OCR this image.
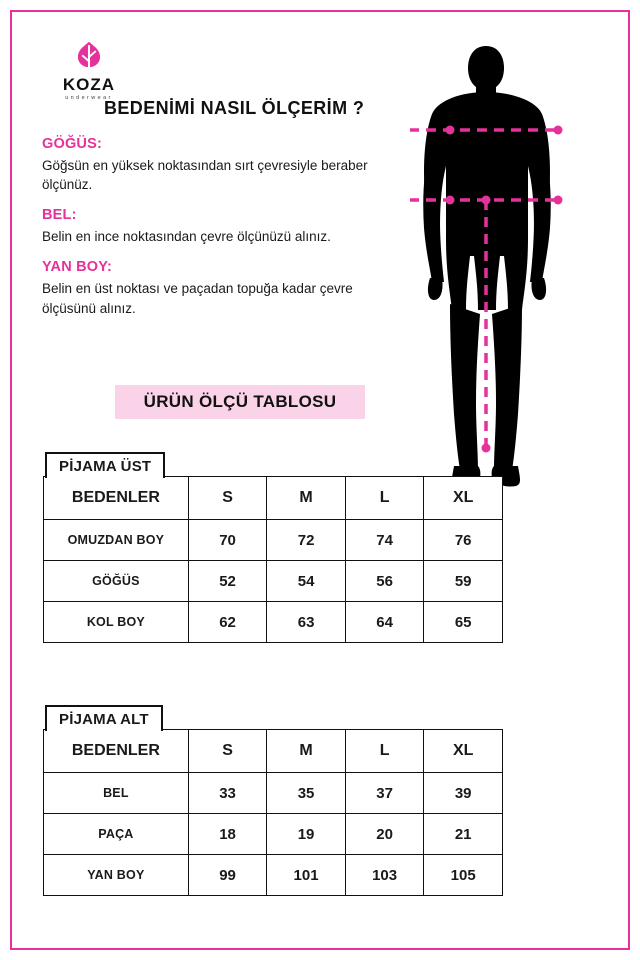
KOZA
underwear
BEDENİMİ NASIL ÖLÇERİM ?
GÖĞÜS:
Göğsün en yüksek noktasından sırt çevresiyle beraber ölçünüz.
BEL:
Belin en ince noktasından çevre ölçünüzü alınız.
YAN BOY:
Belin en üst noktası ve paçadan topuğa kadar çevre ölçüsünü alınız.
ÜRÜN ÖLÇÜ TABLOSU
PİJAMA ÜST
BEDENLER	S	M	L	XL
OMUZDAN BOY	70	72	74	76
GÖĞÜS	52	54	56	59
KOL BOY	62	63	64	65
PİJAMA ALT
BEDENLER	S	M	L	XL
BEL	33	35	37	39
PAÇA	18	19	20	21
YAN BOY	99	101	103	105
